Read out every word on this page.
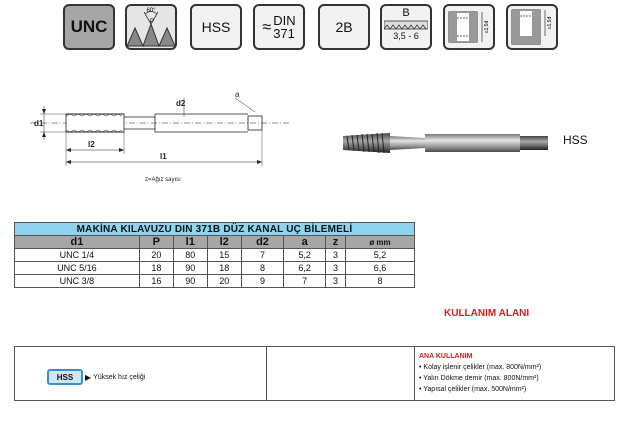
UNC
60°
P	HSS ≈ DIN
371	2B
B
3,5 - 6
≤1,5d	≤1,5d
d1
d2
a
l2
l1
z=Ağız sayısı
HSS
MAKİNA KILAVUZU DIN 371B DÜZ KANAL UÇ BİLEMELİ							
d1	P	l1	l2	d2	a	z	ø mm
UNC 1/4	20	80	15	7	5,2	3	5,2
UNC 5/16	18	90	18	8	6,2	3	6,6
UNC 3/8	16	90	20	9	7	3	8
KULLANIM ALANI
HSS	▶ Yüksek hız çeliği
ANA KULLANIM
• Kolay işlenir çelikler (max. 800N/mm²)
• Yalın Dökme demir (max. 800N/mm²)
• Yapısal çelikler (max. 500N/mm²)
